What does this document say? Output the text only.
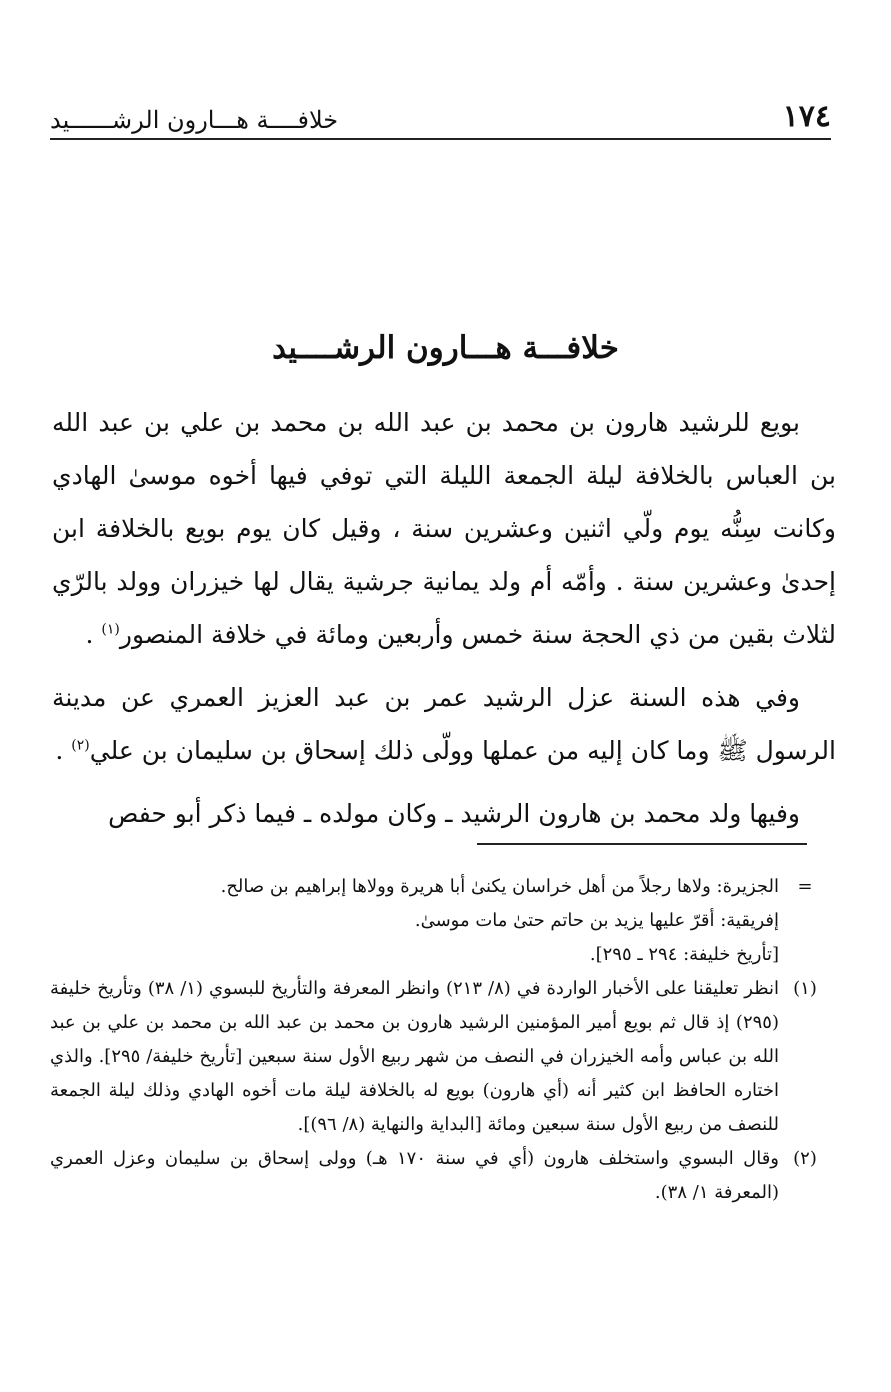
١٧٤
خلافــــة هـــارون الرشــــــيد
خلافـــة هـــارون الرشــــيد

بويع للرشيد هارون بن محمد بن عبد الله بن محمد بن علي بن عبد الله بن العباس بالخلافة ليلة الجمعة الليلة التي توفي فيها أخوه موسىٰ الهادي وكانت سِنُّه يوم ولّي اثنين وعشرين سنة ، وقيل كان يوم بويع بالخلافة ابن إحدىٰ وعشرين سنة . وأمّه أم ولد يمانية جرشية يقال لها خيزران وولد بالرّي لثلاث بقين من ذي الحجة سنة خمس وأربعين ومائة في خلافة المنصور$^{(١)}$ .

وفي هذه السنة عزل الرشيد عمر بن عبد العزيز العمري عن مدينة الرسول ﷺ وما كان إليه من عملها وولّى ذلك إسحاق بن سليمان بن علي$^{(٢)}$ .

وفيها ولد محمد بن هارون الرشيد ـ وكان مولده ـ فيما ذكر أبو حفص

=
الجزيرة: ولاها رجلاً من أهل خراسان يكنىٰ أبا هريرة وولاها إبراهيم بن صالح.
إفريقية: أقرّ عليها يزيد بن حاتم حتىٰ مات موسىٰ.
[تأريخ خليفة: ٢٩٤ ـ ٢٩٥].
(١)
انظر تعليقنا على الأخبار الواردة في (٨/ ٢١٣) وانظر المعرفة والتأريخ للبسوي (١/ ٣٨) وتأريخ خليفة (٢٩٥) إذ قال ثم بويع أمير المؤمنين الرشيد هارون بن محمد بن عبد الله بن محمد بن علي بن عبد الله بن عباس وأمه الخيزران في النصف من شهر ربيع الأول سنة سبعين [تأريخ خليفة/ ٢٩٥]. والذي اختاره الحافظ ابن كثير أنه (أي هارون) بويع له بالخلافة ليلة مات أخوه الهادي وذلك ليلة الجمعة للنصف من ربيع الأول سنة سبعين ومائة [البداية والنهاية (٨/ ٩٦)].
(٢)
وقال البسوي واستخلف هارون (أي في سنة ١٧٠ هـ) وولى إسحاق بن سليمان وعزل العمري (المعرفة ١/ ٣٨).
